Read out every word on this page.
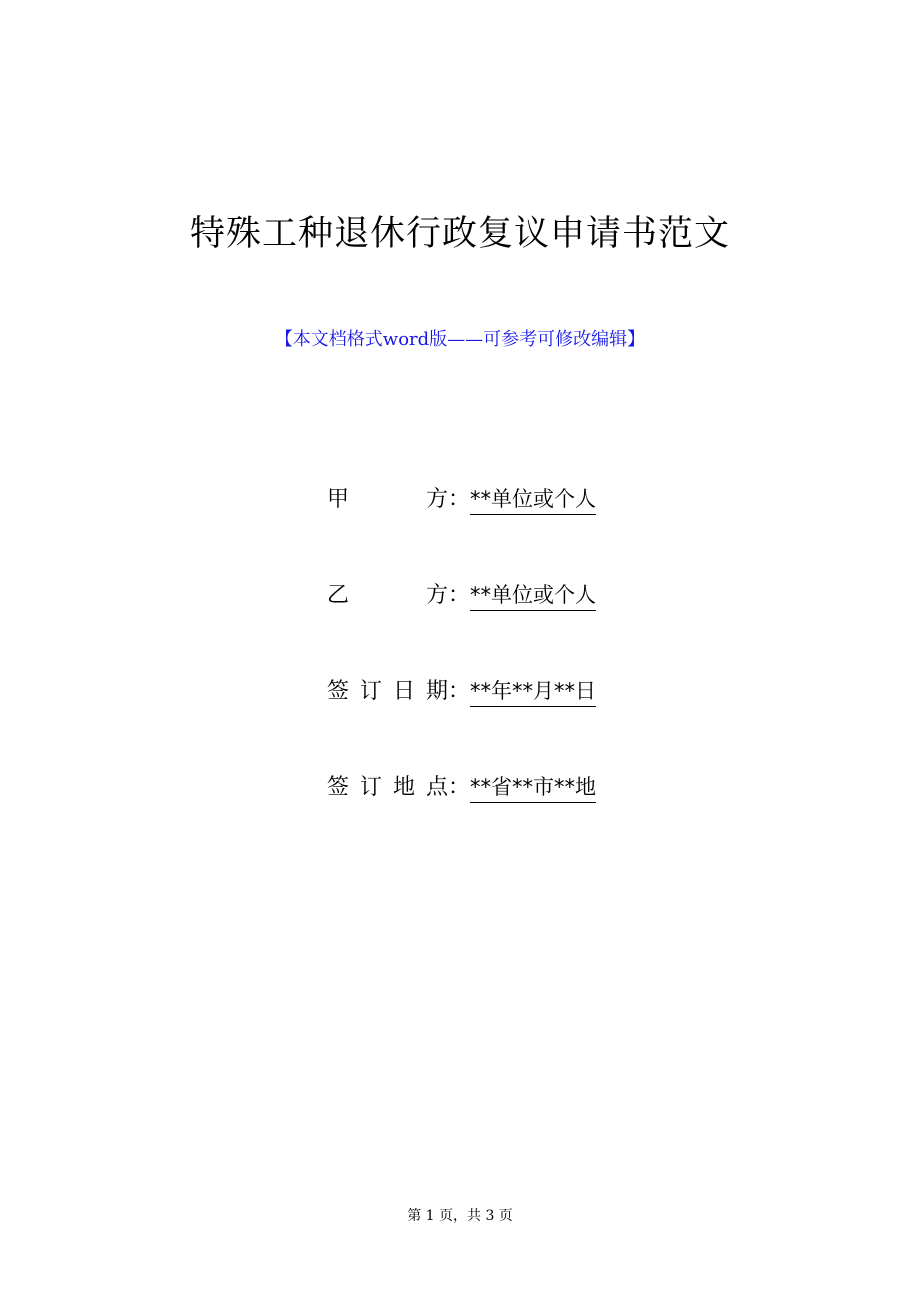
特殊工种退休行政复议申请书范文
【本文档格式word版——可参考可修改编辑】
甲　方 ： **单位或个人
乙　方 ： **单位或个人
签订日期 ： **年**月**日
签订地点 ： **省**市**地
第 1 页，共 3 页
